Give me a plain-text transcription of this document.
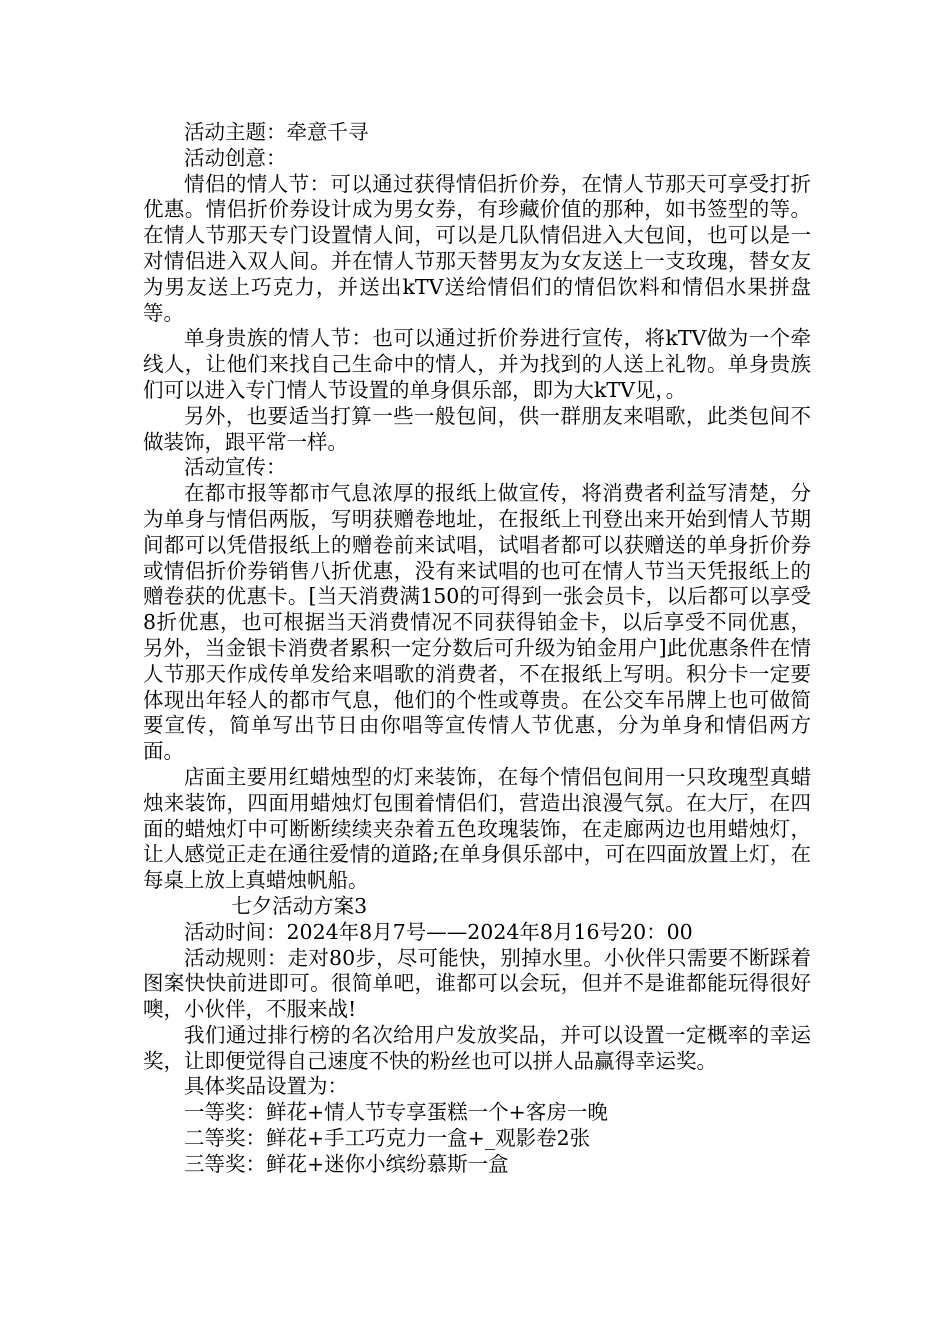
活动主题：牵意千寻

活动创意：

情侣的情人节：可以通过获得情侣折价券，在情人节那天可享受打折优惠。情侣折价券设计成为男女券，有珍藏价值的那种，如书签型的等。在情人节那天专门设置情人间，可以是几队情侣进入大包间，也可以是一对情侣进入双人间。并在情人节那天替男友为女友送上一支玫瑰，替女友为男友送上巧克力，并送出kTV送给情侣们的情侣饮料和情侣水果拼盘等。

单身贵族的情人节：也可以通过折价券进行宣传，将kTV做为一个牵线人，让他们来找自己生命中的情人，并为找到的人送上礼物。单身贵族们可以进入专门情人节设置的单身俱乐部，即为大kTV见，。

另外，也要适当打算一些一般包间，供一群朋友来唱歌，此类包间不做装饰，跟平常一样。

活动宣传：

在都市报等都市气息浓厚的报纸上做宣传，将消费者利益写清楚，分为单身与情侣两版，写明获赠卷地址，在报纸上刊登出来开始到情人节期间都可以凭借报纸上的赠卷前来试唱，试唱者都可以获赠送的单身折价券或情侣折价券销售八折优惠，没有来试唱的也可在情人节当天凭报纸上的赠卷获的优惠卡。[当天消费满150的可得到一张会员卡，以后都可以享受8折优惠，也可根据当天消费情况不同获得铂金卡，以后享受不同优惠，另外，当金银卡消费者累积一定分数后可升级为铂金用户]此优惠条件在情人节那天作成传单发给来唱歌的消费者，不在报纸上写明。积分卡一定要体现出年轻人的都市气息，他们的个性或尊贵。在公交车吊牌上也可做简要宣传，简单写出节日由你唱等宣传情人节优惠，分为单身和情侣两方面。

店面主要用红蜡烛型的灯来装饰，在每个情侣包间用一只玫瑰型真蜡烛来装饰，四面用蜡烛灯包围着情侣们，营造出浪漫气氛。在大厅，在四面的蜡烛灯中可断断续续夹杂着五色玫瑰装饰，在走廊两边也用蜡烛灯，让人感觉正走在通往爱情的道路;在单身俱乐部中，可在四面放置上灯，在每桌上放上真蜡烛帆船。

七夕活动方案3

活动时间：2024年8月7号——2024年8月16号20：00

活动规则：走对80步，尽可能快，别掉水里。小伙伴只需要不断踩着图案快快前进即可。很简单吧，谁都可以会玩，但并不是谁都能玩得很好噢，小伙伴，不服来战!

我们通过排行榜的名次给用户发放奖品，并可以设置一定概率的幸运奖，让即便觉得自己速度不快的粉丝也可以拼人品赢得幸运奖。

具体奖品设置为：

一等奖：鲜花+情人节专享蛋糕一个+客房一晚

二等奖：鲜花+手工巧克力一盒+_观影卷2张

三等奖：鲜花+迷你小缤纷慕斯一盒
